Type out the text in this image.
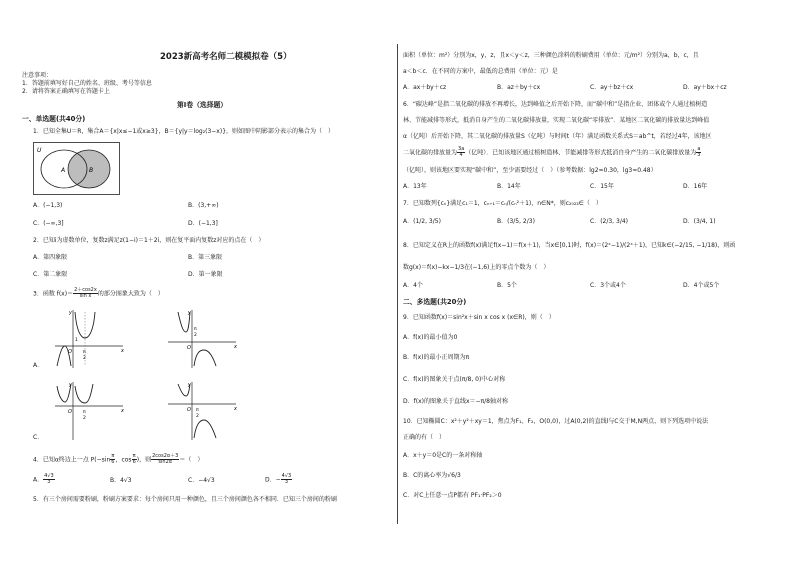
2023新高考名师二模模拟卷（5）
注意事项：
1．答题前填写好自己的姓名、班级、考号等信息
2．请将答案正确填写在答题卡上
第Ⅰ卷（选择题）
一、单选题(共40分)
1．已知全集U＝R，集合A＝{x|x≤−1或x≥3}，B＝{y|y＝log₂(3−x)}，则如图中阴影部分表示的集合为（　）
U
A	B
A．(−1,3)	B．(3,+∞)
C．(−∞,3]	D．(−1,3]
2．已知i为虚数单位，复数z满足z(1−i)＝1＋2i，则在复平面内复数z对应的点在（　）
A．第四象限	B．第三象限
C．第二象限	D．第一象限
3．函数 $f(x)= \frac{2+\cos 2x}{\text{sin x}}$ 的部分图象大致为（　）
y
x
O π
2
1
A．
y
x
O
π
2
y
x
O π
2
C．
y
x
O π
2
4．已知α终边上一点 $P(-\sin \frac{\pi}{6}$ ，$\cos \frac{\pi}{6}$ )，则 $\frac{2\cos 2\alpha+3}{\sin 2\alpha}$ ＝（　）
A． $\frac{4√3}{3}$	B．4√3	C．−4√3	D．− $\frac{4√3}{3}$
5．有三个房间需要粉刷，粉刷方案要求：每个房间只用一种颜色，且三个房间颜色各不相同．已知三个房间的粉刷
面积（单位：m²）分别为x，y，z，且x＜y＜z，三种颜色涂料的粉刷费用（单位：元/m²）分别为a，b，c，且
a＜b＜c．在不同的方案中，最低的总费用（单位：元）是
A．ax＋by＋cz	B．az＋by＋cx	C．ay＋bz＋cx	D．ay＋bx＋cz
6．“碳达峰”是指二氧化碳的排放不再增长，达到峰值之后开始下降，而“碳中和”是指企业、团体或个人通过植树造
林、节能减排等形式，抵消自身产生的二氧化碳排放量，实现二氧化碳“零排放”．某地区二氧化碳的排放量达到峰值
α（亿吨）后开始下降，其二氧化碳的排放量S（亿吨）与时间t（年）满足函数关系式S＝ab^t，若经过4年，该地区
二氧化碳的排放量为 $\frac{3a}{4}$ （亿吨）．已知该地区通过植树造林、节能减排等形式抵消自身产生的二氧化碳排放量为 $\frac{a}{3}$
（亿吨），则该地区要实现“碳中和”，至少需要经过（　）（参考数据：lg2≈0.30，lg3≈0.48）
A．13年	B．14年	C．15年	D．16年
7．已知数列{cₙ}满足c₁＝1，cₙ₊₁＝cₙ/(cₙ²＋1)，n∈N*，则c₂₀₂₃∈（　）
A．(1/2, 3/5)	B．(3/5, 2/3)	C．(2/3, 3/4)	D．(3/4, 1)
8．已知定义在R上的函数f(x)满足f(x−1)＝f(x＋1)，当x∈[0,1)时，f(x)＝(2ˣ−1)/(2ˣ＋1)，已知k∈(−2/15, −1/18)，则函
数g(x)＝f(x)−kx−1/3在(−1,6)上的零点个数为（　）
A．4个	B．5个	C．3个或4个	D．4个或5个
二、多选题(共20分)
9．已知函数f(x)＝sin²x＋sin x cos x (x∈R)，则（　）
A．f(x)的最小值为0
B．f(x)的最小正周期为π
C．f(x)的图象关于点(π/8, 0)中心对称
D．f(x)的图象关于直线x＝−π/8轴对称
10．已知椭圆C：x²＋y²＋xy＝1，焦点为F₁、F₂，O(0,0)，过A(0,2)的直线l与C交于M,N两点，则下列选项中说法
正确的有（　）
A．x＋y＝0是C的一条对称轴
B．C的离心率为√6/3
C．对C上任意一点P都有 PF₁·PF₂＞0
